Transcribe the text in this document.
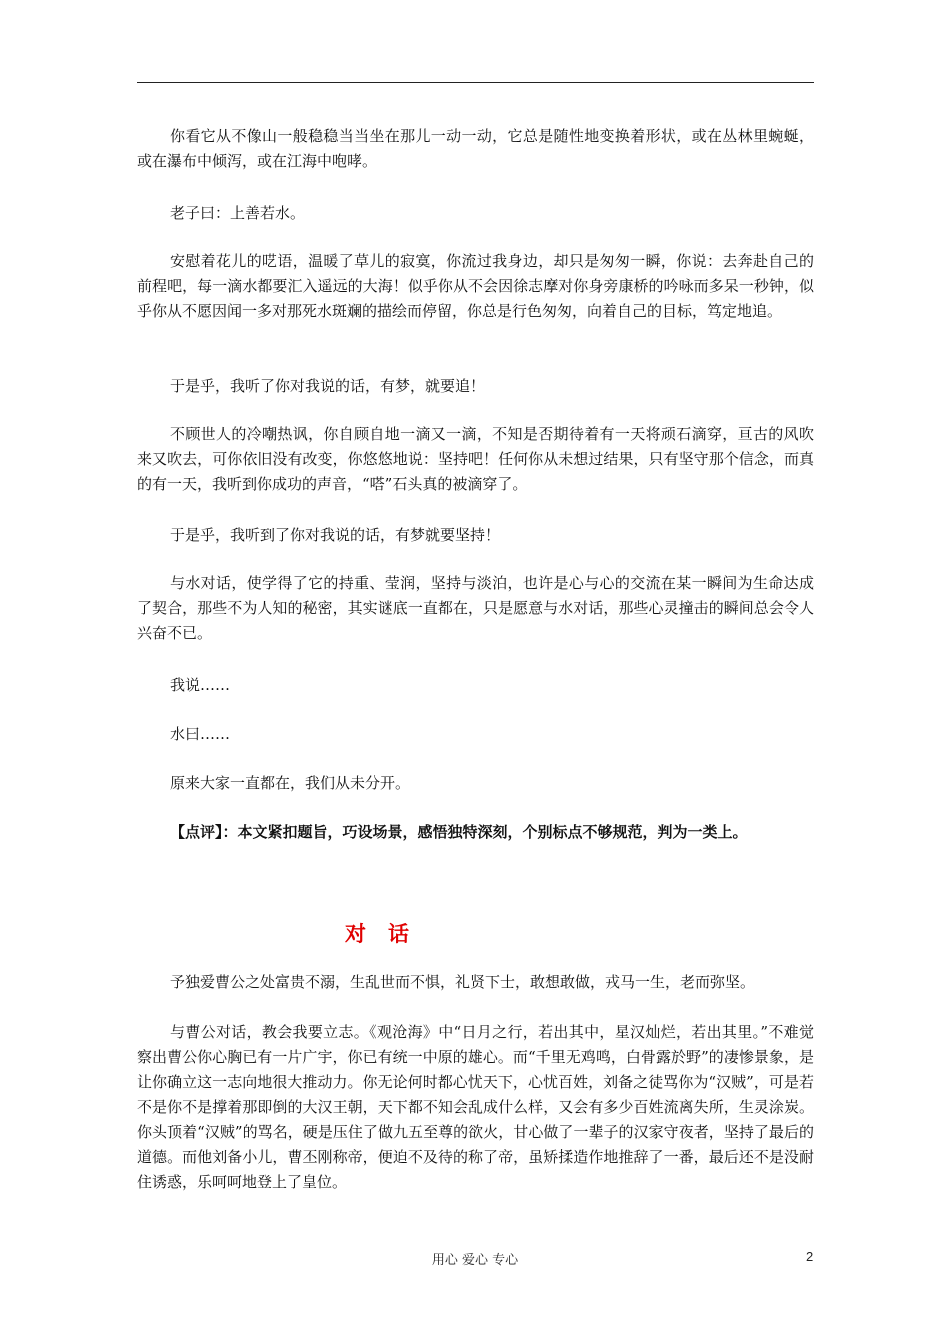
你看它从不像山一般稳稳当当坐在那儿一动一动，它总是随性地变换着形状，或在丛林里蜿蜒，或在瀑布中倾泻，或在江海中咆哮。

老子曰：上善若水。

安慰着花儿的呓语，温暖了草儿的寂寞，你流过我身边，却只是匆匆一瞬，你说：去奔赴自己的前程吧，每一滴水都要汇入遥远的大海！似乎你从不会因徐志摩对你身旁康桥的吟咏而多呆一秒钟，似乎你从不愿因闻一多对那死水斑斓的描绘而停留，你总是行色匆匆，向着自己的目标，笃定地追。

于是乎，我听了你对我说的话，有梦，就要追！

不顾世人的冷嘲热讽，你自顾自地一滴又一滴，不知是否期待着有一天将顽石滴穿，亘古的风吹来又吹去，可你依旧没有改变，你悠悠地说：坚持吧！任何你从未想过结果，只有坚守那个信念，而真的有一天，我听到你成功的声音，“嗒”石头真的被滴穿了。

于是乎，我听到了你对我说的话，有梦就要坚持！

与水对话，使学得了它的持重、莹润，坚持与淡泊，也许是心与心的交流在某一瞬间为生命达成了契合，那些不为人知的秘密，其实谜底一直都在，只是愿意与水对话，那些心灵撞击的瞬间总会令人兴奋不已。

我说……

水曰……

原来大家一直都在，我们从未分开。

【点评】：本文紧扣题旨，巧设场景，感悟独特深刻，个别标点不够规范，判为一类上。

对话

予独爱曹公之处富贵不溺，生乱世而不惧，礼贤下士，敢想敢做，戎马一生，老而弥坚。

与曹公对话，教会我要立志。《观沧海》中“日月之行，若出其中，星汉灿烂，若出其里。”不难觉察出曹公你心胸已有一片广宇，你已有统一中原的雄心。而“千里无鸡鸣，白骨露於野”的凄惨景象，是让你确立这一志向地很大推动力。你无论何时都心忧天下，心忧百姓，刘备之徒骂你为“汉贼”，可是若不是你不是撑着那即倒的大汉王朝，天下都不知会乱成什么样，又会有多少百姓流离失所，生灵涂炭。你头顶着“汉贼”的骂名，硬是压住了做九五至尊的欲火，甘心做了一辈子的汉家守夜者，坚持了最后的道德。而他刘备小儿，曹丕刚称帝，便迫不及待的称了帝，虽矫揉造作地推辞了一番，最后还不是没耐住诱惑，乐呵呵地登上了皇位。

用心 爱心 专心	2
